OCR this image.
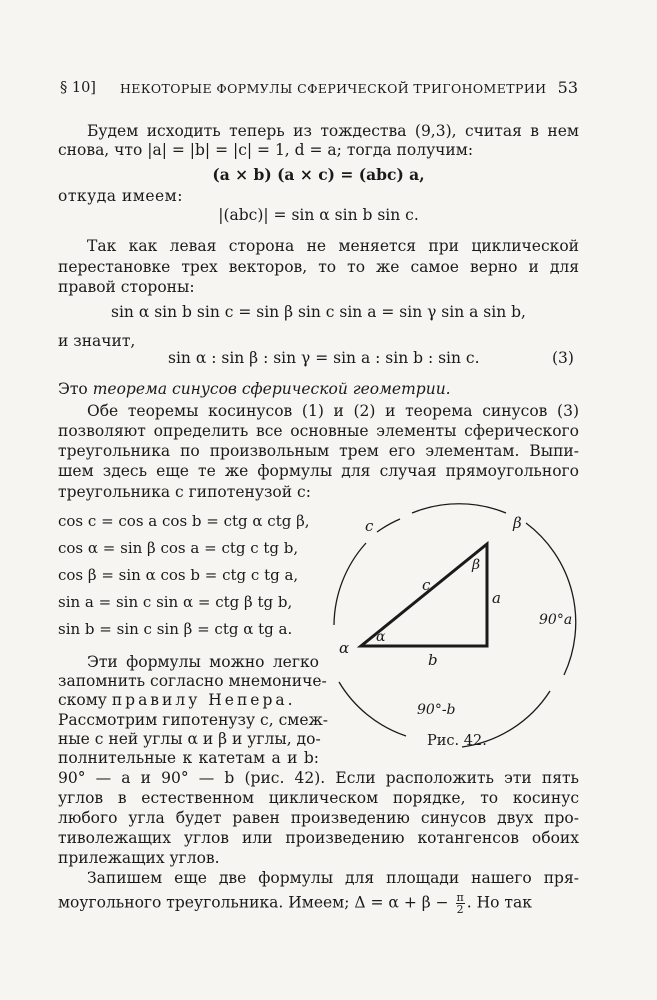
§ 10] НЕКОТОРЫЕ ФОРМУЛЫ СФЕРИЧЕСКОЙ ТРИГОНОМЕТРИИ 53
Будем исходить теперь из тождества (9,3), считая в нем
снова, что |a| = |b| = |c| = 1, d = a; тогда получим:
(a × b) (a × c) = (abc) a,
откуда имеем:
|(abc)| = sin α sin b sin c.
Так как левая сторона не меняется при циклической
перестановке трех векторов, то то же самое верно и для
правой стороны:
sin α sin b sin c = sin β sin c sin a = sin γ sin a sin b,
и значит,
sin α : sin β : sin γ = sin a : sin b : sin c.	(3)
Это теорема синусов сферической геометрии.
Обе теоремы косинусов (1) и (2) и теорема синусов (3)
позволяют определить все основные элементы сферического
треугольника по произвольным трем его элементам. Выпи-
шем здесь еще те же формулы для случая прямоугольного
треугольника с гипотенузой c:
cos c = cos a cos b = ctg α ctg β,
cos α = sin β cos a = ctg c tg b,
cos β = sin α cos b = ctg c tg a,
sin a = sin c sin α = ctg β tg b,
sin b = sin c sin β = ctg α tg a.
Эти формулы можно легко
запомнить согласно мнемониче-
скому правилу Непера.
Рассмотрим гипотенузу c, смеж-
ные с ней углы α и β и углы, до-
полнительные к катетам a и b:
90° — a и 90° — b (рис. 42). Если расположить эти пять
углов в естественном циклическом порядке, то косинус
любого угла будет равен произведению синусов двух про-
тиволежащих углов или произведению котангенсов обоих
прилежащих углов.
Запишем еще две формулы для площади нашего пря-
моугольного треугольника. Имеем; $\Delta = \alpha + \beta - \frac{\pi}{2}$ . Но так
c	β
90°a
90°-b
α
c
β
a
α
b
Рис. 42.
